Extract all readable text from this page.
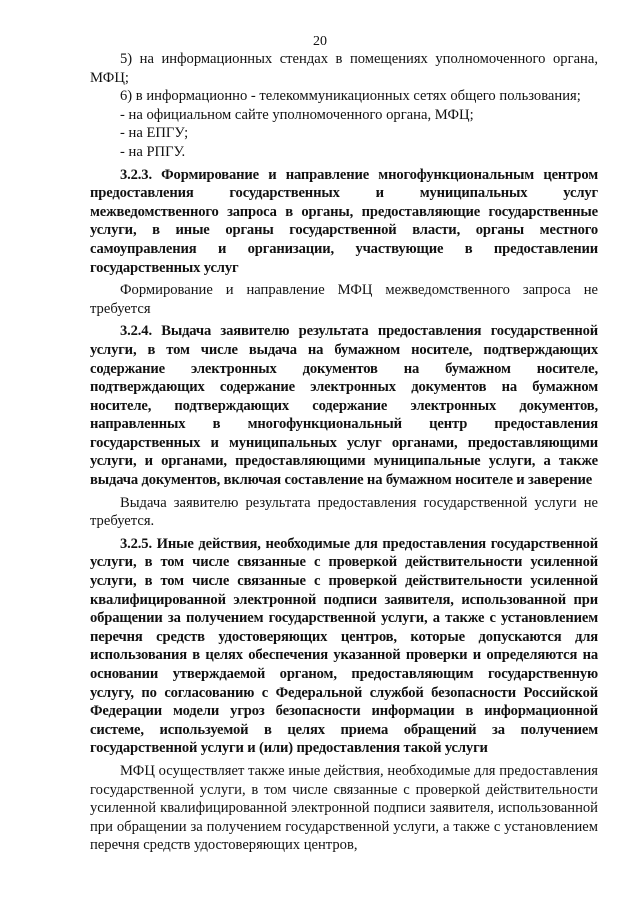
20

5) на информационных стендах в помещениях уполномоченного органа, МФЦ;

6) в информационно - телекоммуникационных сетях общего пользования;

- на официальном сайте уполномоченного органа, МФЦ;

- на ЕПГУ;

- на РПГУ.

3.2.3. Формирование и направление многофункциональным центром предоставления государственных и муниципальных услуг межведомственного запроса в органы, предоставляющие государственные услуги, в иные органы государственной власти, органы местного самоуправления и организации, участвующие в предоставлении государственных услуг

Формирование и направление МФЦ межведомственного запроса не требуется

3.2.4. Выдача заявителю результата предоставления государственной услуги, в том числе выдача на бумажном носителе, подтверждающих содержание электронных документов на бумажном носителе, подтверждающих содержание электронных документов на бумажном носителе, подтверждающих содержание электронных документов, направленных в многофункциональный центр предоставления государственных и муниципальных услуг органами, предоставляющими услуги, и органами, предоставляющими муниципальные услуги, а также выдача документов, включая составление на бумажном носителе и заверение

Выдача заявителю результата предоставления государственной услуги не требуется.

3.2.5. Иные действия, необходимые для предоставления государственной услуги, в том числе связанные с проверкой действительности усиленной услуги, в том числе связанные с проверкой действительности усиленной квалифицированной электронной подписи заявителя, использованной при обращении за получением государственной услуги, а также с установлением перечня средств удостоверяющих центров, которые допускаются для использования в целях обеспечения указанной проверки и определяются на основании утверждаемой органом, предоставляющим государственную услугу, по согласованию с Федеральной службой безопасности Российской Федерации модели угроз безопасности информации в информационной системе, используемой в целях приема обращений за получением государственной услуги и (или) предоставления такой услуги

МФЦ осуществляет также иные действия, необходимые для предоставления государственной услуги, в том числе связанные с проверкой действительности усиленной квалифицированной электронной подписи заявителя, использованной при обращении за получением государственной услуги, а также с установлением перечня средств удостоверяющих центров,
